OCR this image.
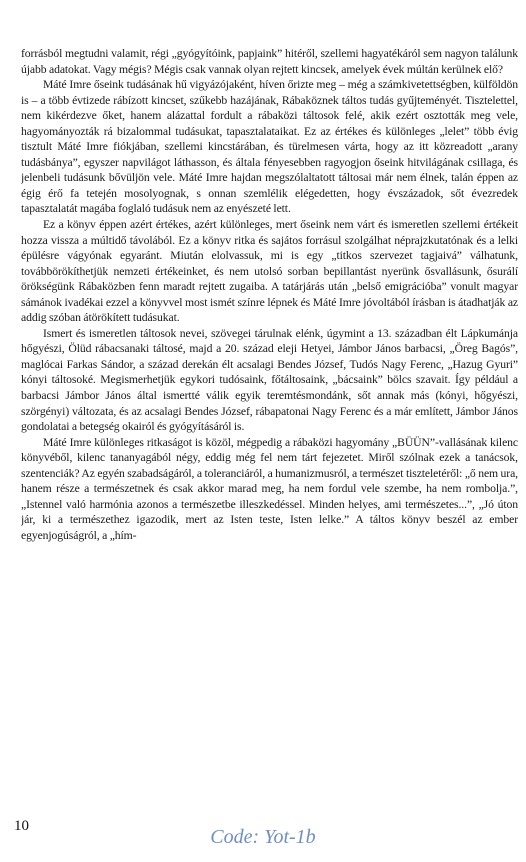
forrásból megtudni valamit, régi „gyógyítóink, papjaink” hitéről, szellemi hagyatékáról sem nagyon találunk újabb adatokat. Vagy mégis? Mégis csak vannak olyan rejtett kincsek, amelyek évek múltán kerülnek elő?

Máté Imre őseink tudásának hű vigyázójaként, híven őrizte meg – még a számkivetettségben, külföldön is – a több évtizede rábízott kincset, szűkebb hazájának, Rábaköznek táltos tudás gyűjteményét. Tisztelettel, nem kikérdezve őket, hanem alázattal fordult a rábaközi táltosok felé, akik ezért osztották meg vele, hagyományozták rá bizalommal tudásukat, tapasztalataikat. Ez az értékes és különleges „lelet” több évig tisztult Máté Imre fiókjában, szellemi kincstárában, és türelmesen várta, hogy az itt közreadott „arany tudásbánya”, egyszer napvilágot láthasson, és általa fényesebben ragyogjon őseink hitvilágának csillaga, és jelenbeli tudásunk bővüljön vele. Máté Imre hajdan megszólaltatott táltosai már nem élnek, talán éppen az égig érő fa tetején mosolyognak, s onnan szemlélik elégedetten, hogy évszázadok, sőt évezredek tapasztalatát magába foglaló tudásuk nem az enyészeté lett.

Ez a könyv éppen azért értékes, azért különleges, mert őseink nem várt és ismeretlen szellemi értékeit hozza vissza a múltidő távolából. Ez a könyv ritka és sajátos forrásul szolgálhat néprajzkutatónak és a lelki épülésre vágyónak egyaránt. Miután elolvassuk, mi is egy „titkos szervezet tagjaivá” válhatunk, továbbörökíthetjük nemzeti értékeinket, és nem utolsó sorban bepillantást nyerünk ősvallásunk, ősurálí örökségünk Rábaközben fenn maradt rejtett zugaiba. A tatárjárás után „belső emigrációba” vonult magyar sámánok ivadékai ezzel a könyvvel most ismét színre lépnek és Máté Imre jóvoltából írásban is átadhatják az addig szóban átörökített tudásukat.

Ismert és ismeretlen táltosok nevei, szövegei tárulnak elénk, úgymint a 13. században élt Lápkumánja hőgyészi, Ölüd rábacsanaki táltosé, majd a 20. század eleji Hetyei, Jámbor János barbacsi, „Öreg Bagós”, maglócai Farkas Sándor, a század derekán élt acsalagi Bendes József, Tudós Nagy Ferenc, „Hazug Gyuri” kónyi táltosoké. Megismerhetjük egykori tudósaink, főtáltosaink, „bácsaink” bölcs szavait. Így például a barbacsi Jámbor János által ismertté válik egyik teremtésmondánk, sőt annak más (kónyi, hőgyészi, szörgényi) változata, és az acsalagi Bendes József, rábapatonai Nagy Ferenc és a már említett, Jámbor János gondolatai a betegség okairól és gyógyításáról is.

Máté Imre különleges ritkaságot is közöl, mégpedig a rábaközi hagyomány „BÜÜN”-vallásának kilenc könyvéből, kilenc tananyagából négy, eddig még fel nem tárt fejezetet. Miről szólnak ezek a tanácsok, szentenciák? Az egyén szabadságáról, a toleranciáról, a humanizmusról, a természet tiszteletéről: „ő nem ura, hanem része a természetnek és csak akkor marad meg, ha nem fordul vele szembe, ha nem rombolja.”, „Istennel való harmónia azonos a természetbe illeszkedéssel. Minden helyes, ami természetes...”, „Jó úton jár, ki a természethez igazodik, mert az Isten teste, Isten lelke.” A táltos könyv beszél az ember egyenjogúságról, a „hím-

10	Code: Yot-1b
